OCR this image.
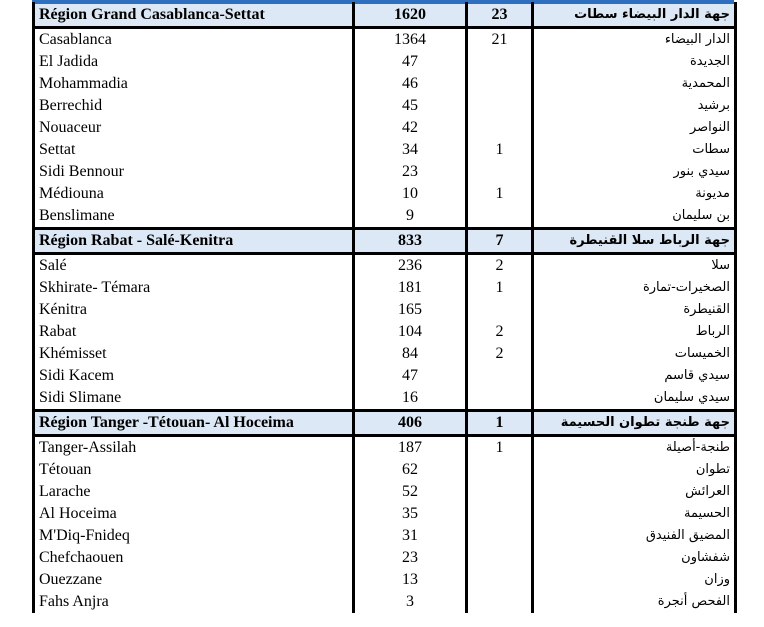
Région Grand Casablanca-Settat	1620	23	جهة الدار البيضاء سطات
Casablanca	1364	21	الدار البيضاء
El Jadida	47		الجديدة
Mohammadia	46		المحمدية
Berrechid	45		برشيد
Nouaceur	42		النواصر
Settat	34	1	سطات
Sidi Bennour	23		سيدي بنور
Médiouna	10	1	مديونة
Benslimane	9		بن سليمان
Région Rabat - Salé-Kenitra	833	7	جهة الرباط سلا القنيطرة
Salé	236	2	سلا
Skhirate- Témara	181	1	الصخيرات-تمارة
Kénitra	165		القنيطرة
Rabat	104	2	الرباط
Khémisset	84	2	الخميسات
Sidi Kacem	47		سيدي قاسم
Sidi Slimane	16		سيدي سليمان
Région Tanger -Tétouan- Al Hoceima	406	1	جهة طنجة تطوان الحسيمة
Tanger-Assilah	187	1	طنجة-أصيلة
Tétouan	62		تطوان
Larache	52		العرائش
Al Hoceima	35		الحسيمة
M'Diq-Fnideq	31		المضيق الفنيدق
Chefchaouen	23		شفشاون
Ouezzane	13		وزان
Fahs Anjra	3		الفحص أنجرة
